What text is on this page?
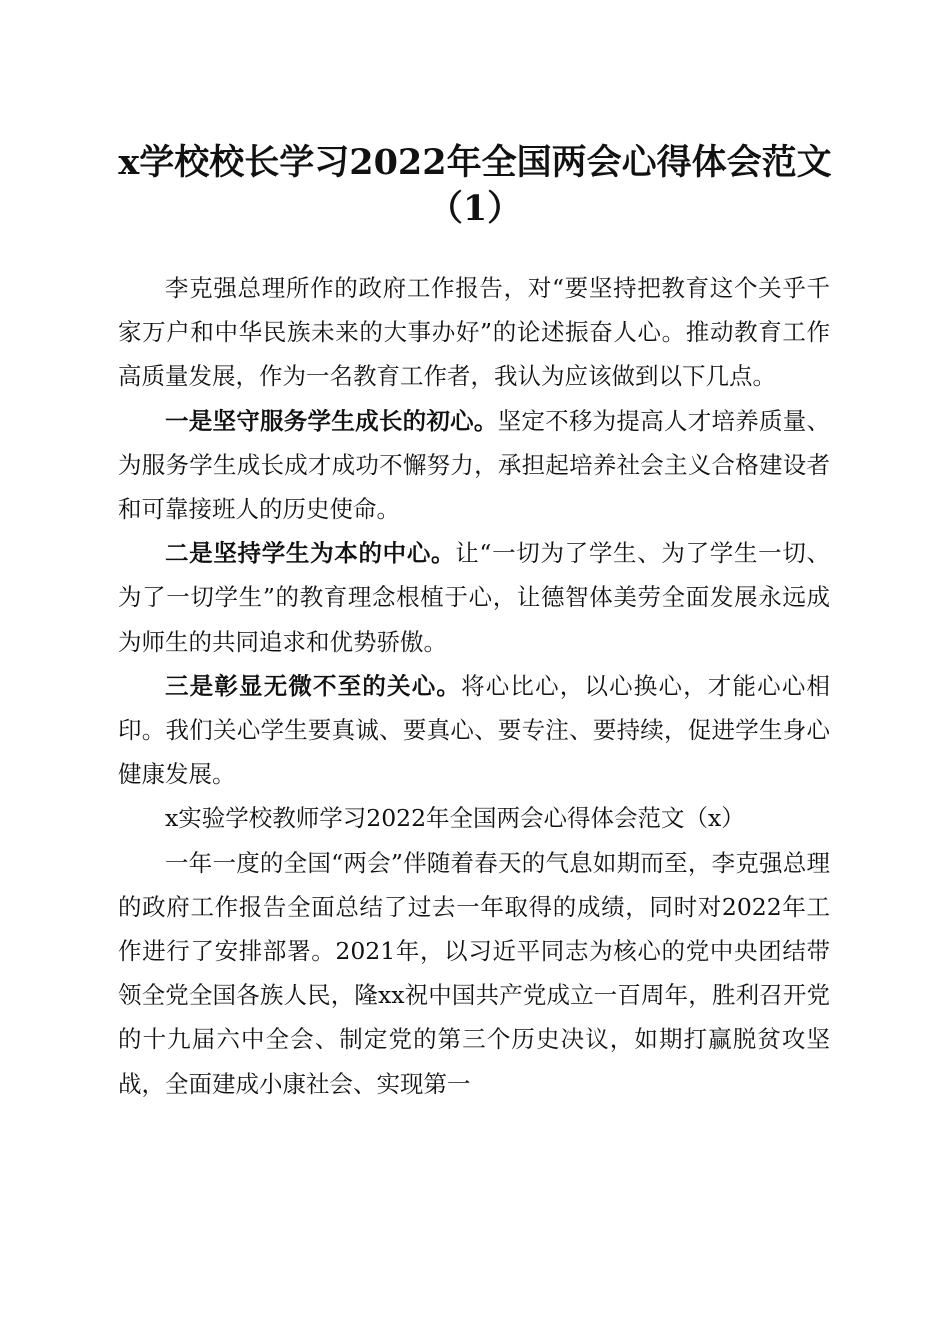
x学校校长学习2022年全国两会心得体会范文
（1）

李克强总理所作的政府工作报告，对“要坚持把教育这个关乎千家万户和中华民族未来的大事办好”的论述振奋人心。推动教育工作高质量发展，作为一名教育工作者，我认为应该做到以下几点。

一是坚守服务学生成长的初心。坚定不移为提高人才培养质量、为服务学生成长成才成功不懈努力，承担起培养社会主义合格建设者和可靠接班人的历史使命。

二是坚持学生为本的中心。让“一切为了学生、为了学生一切、为了一切学生”的教育理念根植于心，让德智体美劳全面发展永远成为师生的共同追求和优势骄傲。

三是彰显无微不至的关心。将心比心，以心换心，才能心心相印。我们关心学生要真诚、要真心、要专注、要持续，促进学生身心健康发展。

x实验学校教师学习2022年全国两会心得体会范文（x）

一年一度的全国“两会”伴随着春天的气息如期而至，李克强总理的政府工作报告全面总结了过去一年取得的成绩，同时对2022年工作进行了安排部署。2021年，以习近平同志为核心的党中央团结带领全党全国各族人民，隆xx祝中国共产党成立一百周年，胜利召开党的十九届六中全会、制定党的第三个历史决议，如期打赢脱贫攻坚战，全面建成小康社会、实现第一
